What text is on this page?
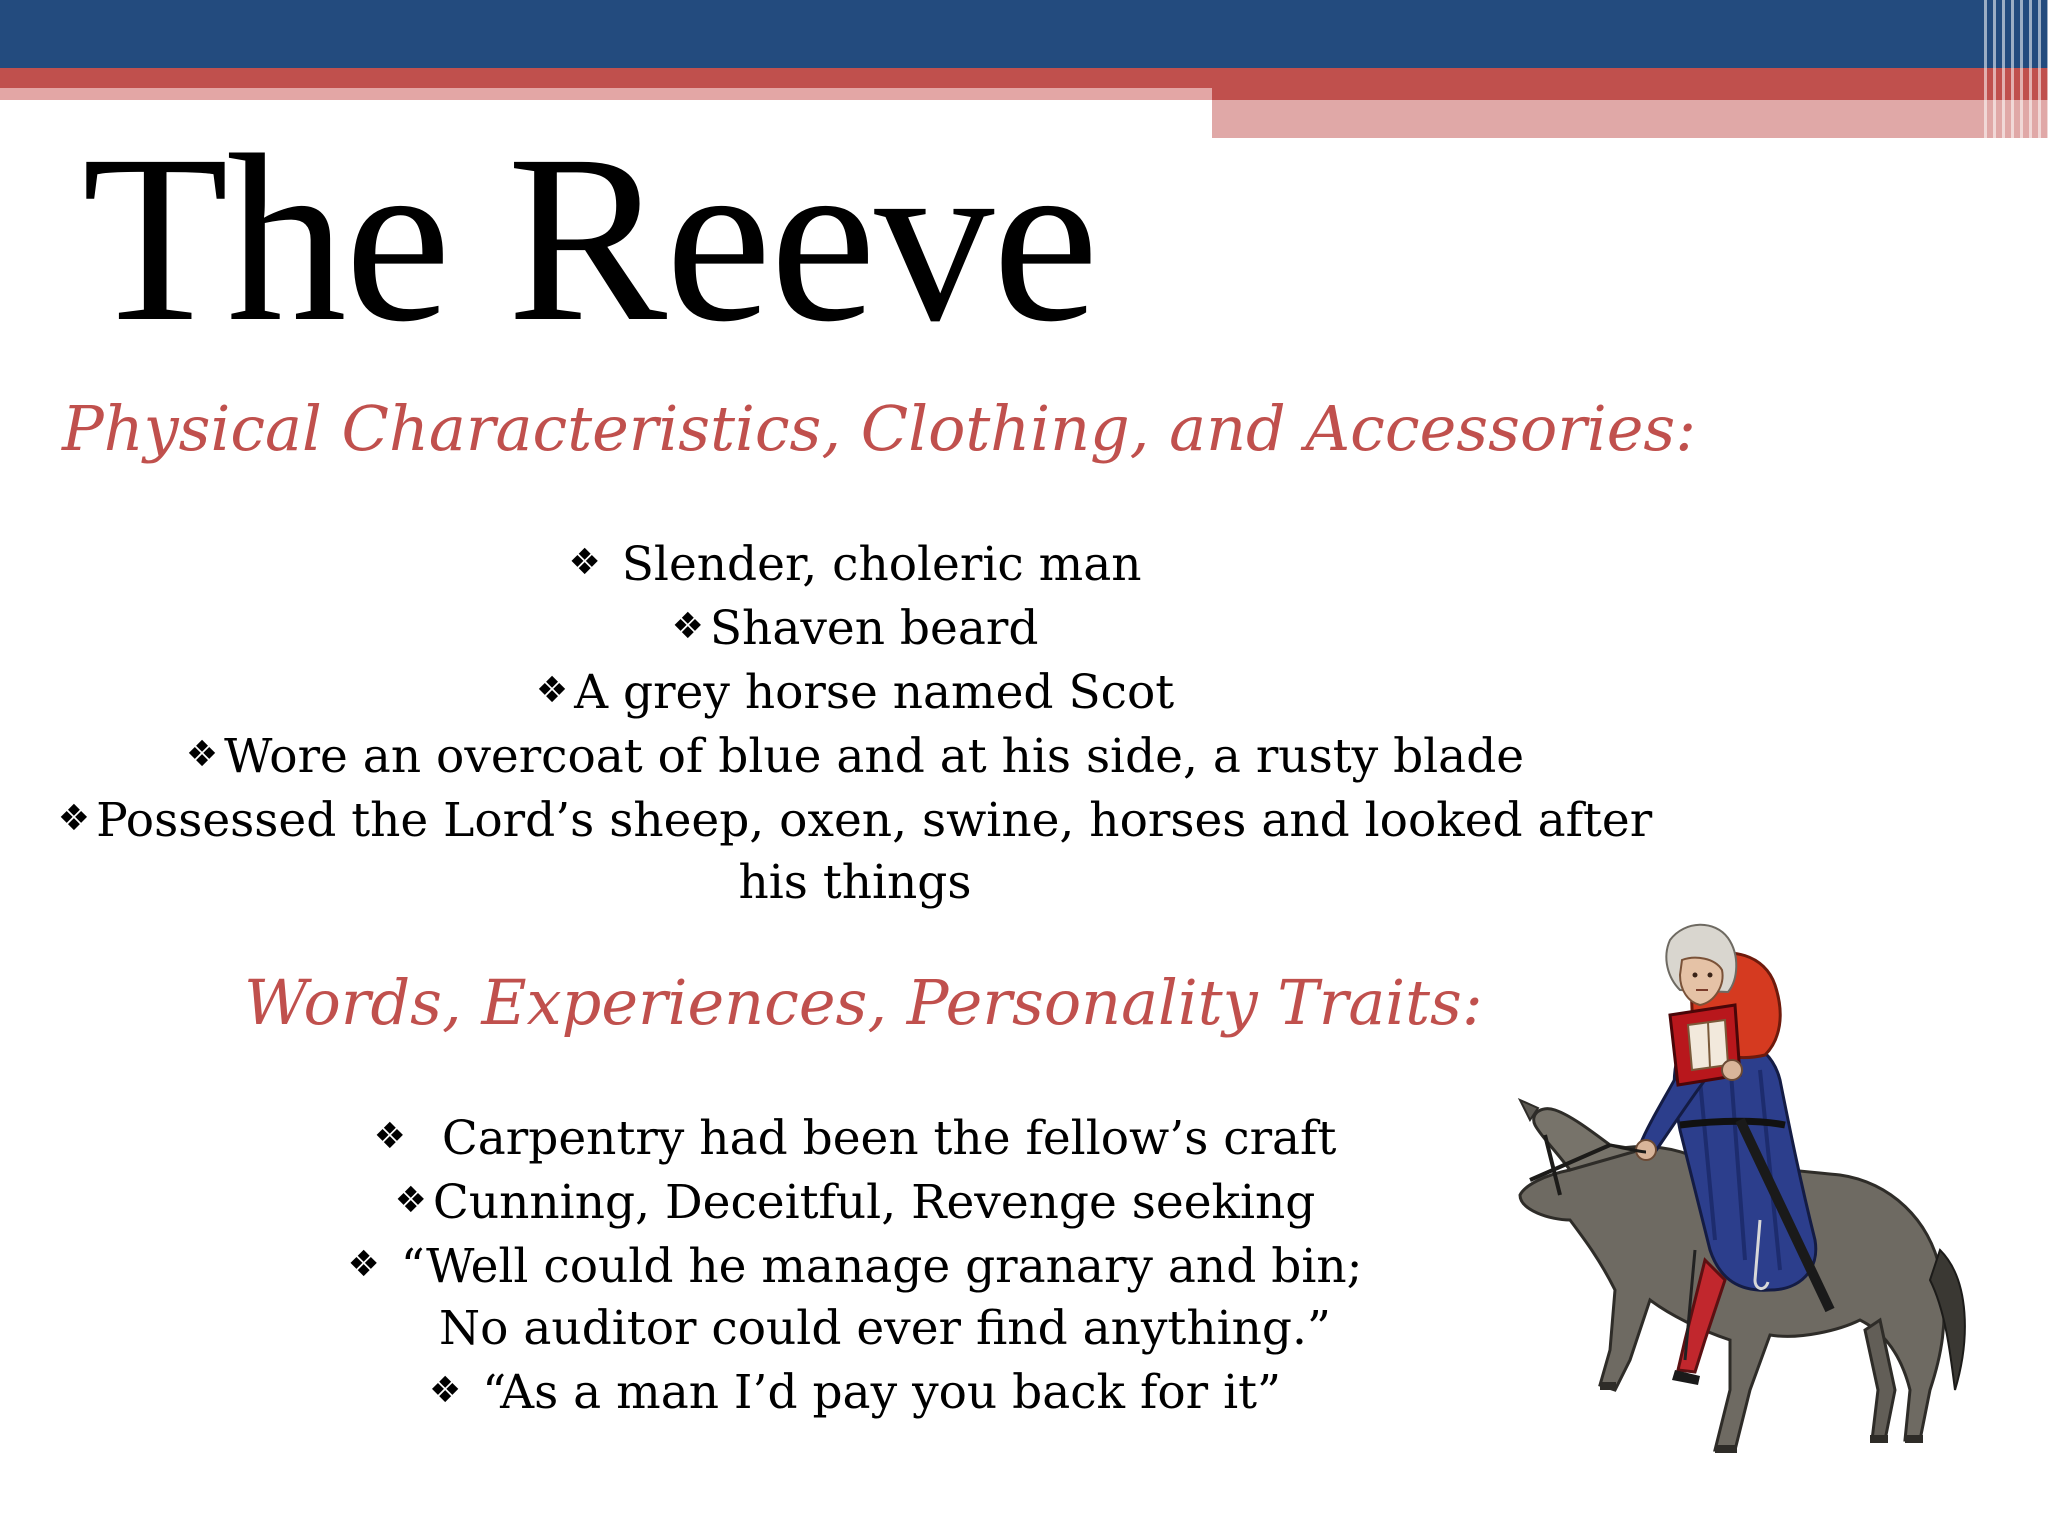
The Reeve
Physical Characteristics, Clothing, and Accessories:
❖ Slender, choleric man
❖ Shaven beard
❖ A grey horse named Scot
❖ Wore an overcoat of blue and at his side, a rusty blade
❖ Possessed the Lord’s sheep, oxen, swine, horses and looked after his things
Words, Experiences, Personality Traits:
❖ Carpentry had been the fellow’s craft
❖ Cunning, Deceitful, Revenge seeking
❖ “Well could he manage granary and bin;
No auditor could ever find anything.”
❖ “As a man I’d pay you back for it”
